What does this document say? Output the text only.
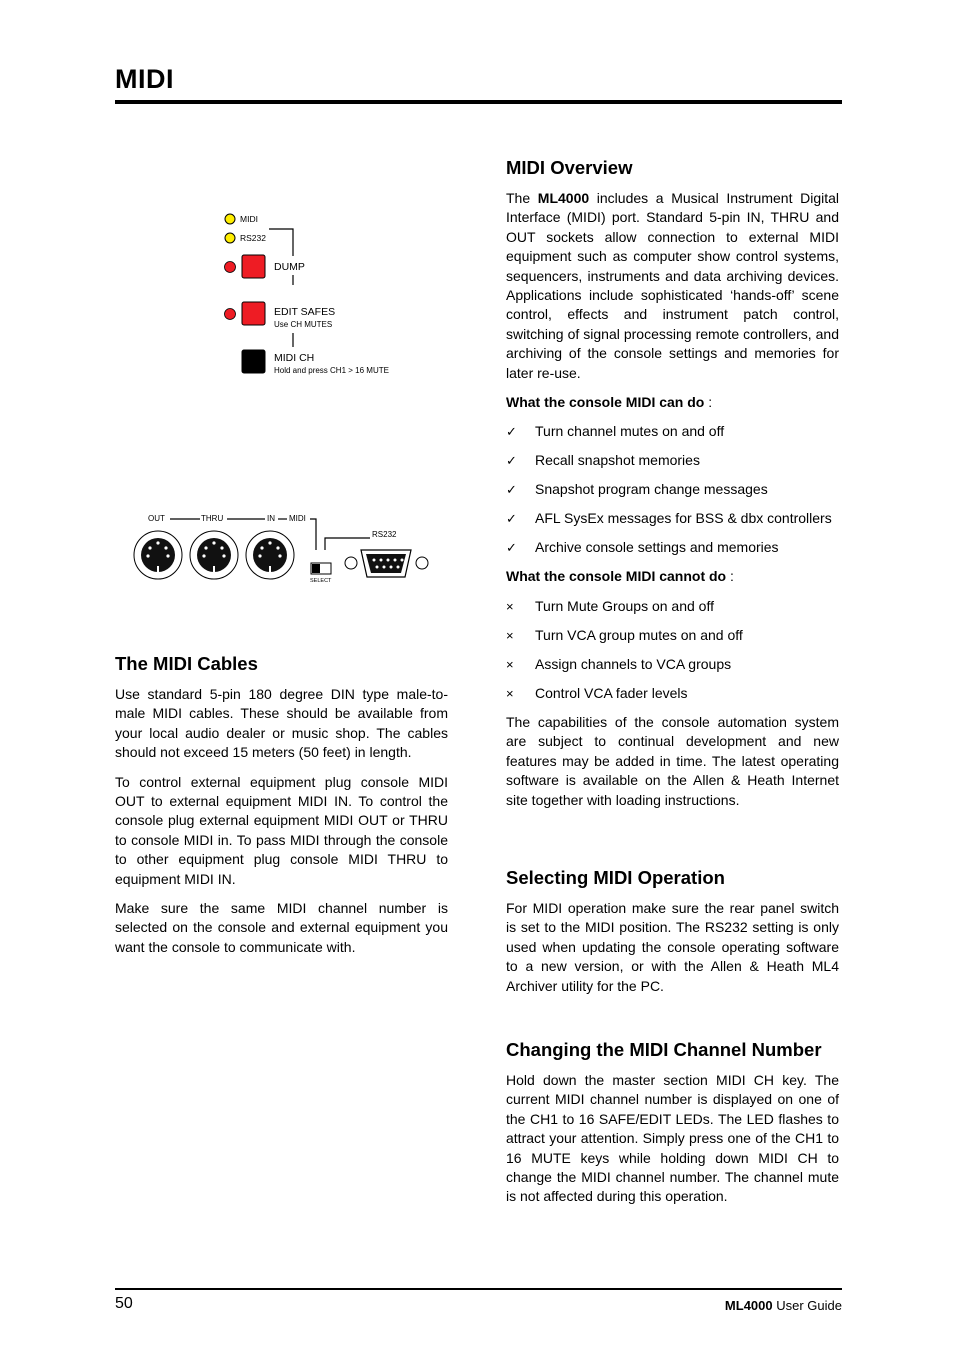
MIDI
MIDI
RS232
DUMP
EDIT SAFES
Use CH MUTES
MIDI CH
Hold and press CH1 > 16 MUTE
OUT	THRU	IN MIDI
RS232
SELECT
The MIDI Cables

Use standard 5-pin 180 degree DIN type male-to-male MIDI cables. These should be available from your local audio dealer or music shop. The cables should not exceed 15 meters (50 feet) in length.

To control external equipment plug console MIDI OUT to external equipment MIDI IN. To control the console plug external equipment MIDI OUT or THRU to console MIDI in. To pass MIDI through the console to other equipment plug console MIDI THRU to equipment MIDI IN.

Make sure the same MIDI channel number is selected on the console and external equipment you want the console to communicate with.

MIDI Overview

The ML4000 includes a Musical Instrument Digital Interface (MIDI) port. Standard 5-pin IN, THRU and OUT sockets allow connection to external MIDI equipment such as computer show control systems, sequencers, instruments and data archiving devices. Applications include sophisticated ‘hands-off’ scene control, effects and instrument patch control, switching of signal processing remote controllers, and archiving of the console settings and memories for later re-use.

What the console MIDI can do :

✓ Turn channel mutes on and off
✓ Recall snapshot memories
✓ Snapshot program change messages
✓ AFL SysEx messages for BSS & dbx controllers
✓ Archive console settings and memories

What the console MIDI cannot do :

× Turn Mute Groups on and off
× Turn VCA group mutes on and off
× Assign channels to VCA groups
× Control VCA fader levels

The capabilities of the console automation system are subject to continual development and new features may be added in time. The latest operating software is available on the Allen & Heath Internet site together with loading instructions.

Selecting MIDI Operation

For MIDI operation make sure the rear panel switch is set to the MIDI position. The RS232 setting is only used when updating the console operating software to a new version, or with the Allen & Heath ML4 Archiver utility for the PC.

Changing the MIDI Channel Number

Hold down the master section MIDI CH key. The current MIDI channel number is displayed on one of the CH1 to 16 SAFE/EDIT LEDs. The LED flashes to attract your attention. Simply press one of the CH1 to 16 MUTE keys while holding down MIDI CH to change the MIDI channel number. The channel mute is not affected during this operation.

50	ML4000 User Guide
